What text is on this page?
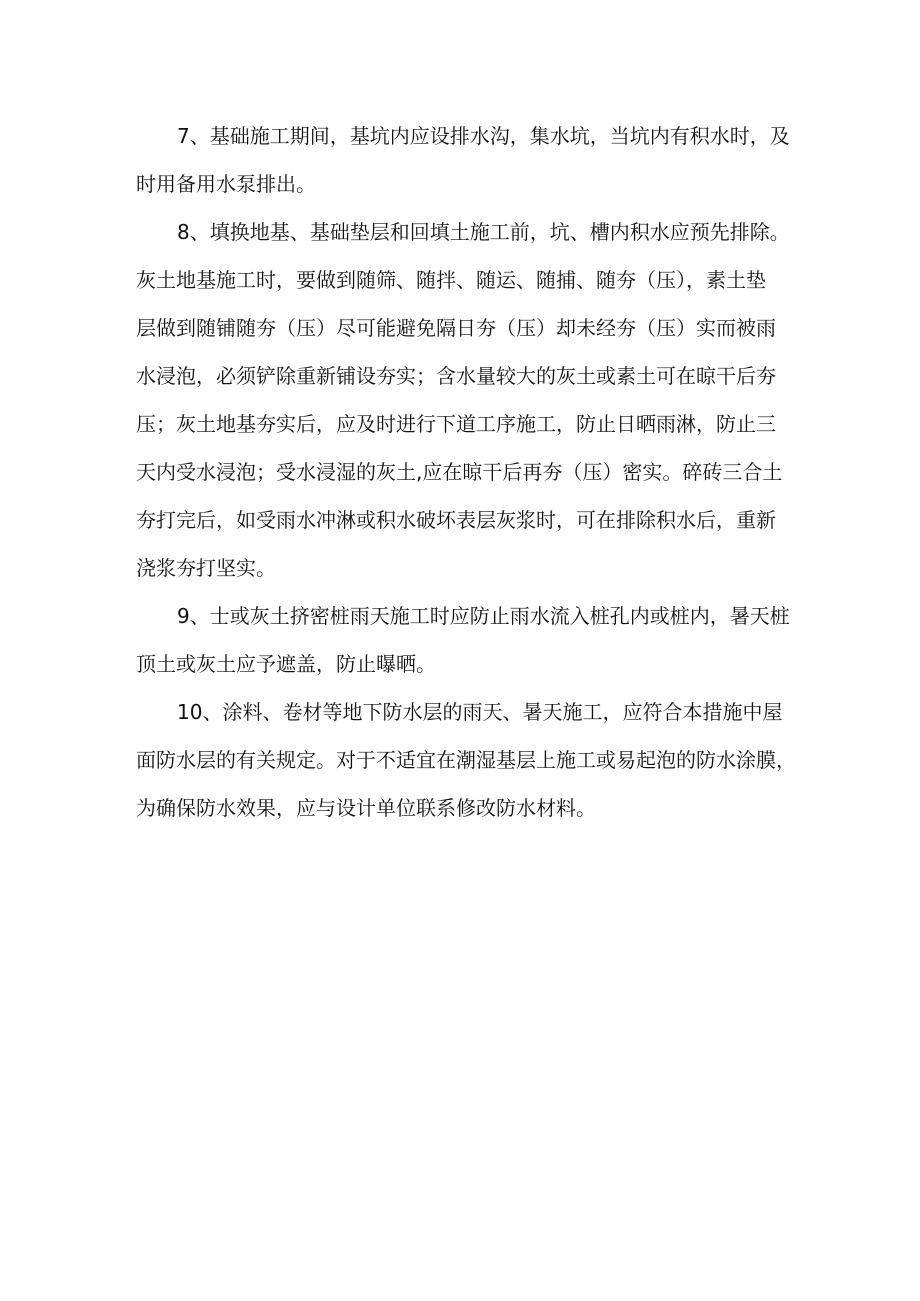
7、基础施工期间，基坑内应设排水沟，集水坑，当坑内有积水时，及
时用备用水泵排出。

8、填换地基、基础垫层和回填土施工前，坑、槽内积水应预先排除。
灰土地基施工时，要做到随筛、随拌、随运、随捕、随夯（压），素土垫
层做到随铺随夯（压）尽可能避免隔日夯（压）却未经夯（压）实而被雨
水浸泡，必须铲除重新铺设夯实；含水量较大的灰土或素土可在晾干后夯
压；灰土地基夯实后，应及时进行下道工序施工，防止日晒雨淋，防止三
天内受水浸泡；受水浸湿的灰土,应在晾干后再夯（压）密实。碎砖三合土
夯打完后，如受雨水冲淋或积水破坏表层灰浆时，可在排除积水后，重新
浇浆夯打坚实。

9、士或灰土挤密桩雨天施工时应防止雨水流入桩孔内或桩内，暑天桩
顶土或灰土应予遮盖，防止曝晒。

10、涂料、卷材等地下防水层的雨天、暑天施工，应符合本措施中屋
面防水层的有关规定。对于不适宜在潮湿基层上施工或易起泡的防水涂膜，
为确保防水效果，应与设计单位联系修改防水材料。
